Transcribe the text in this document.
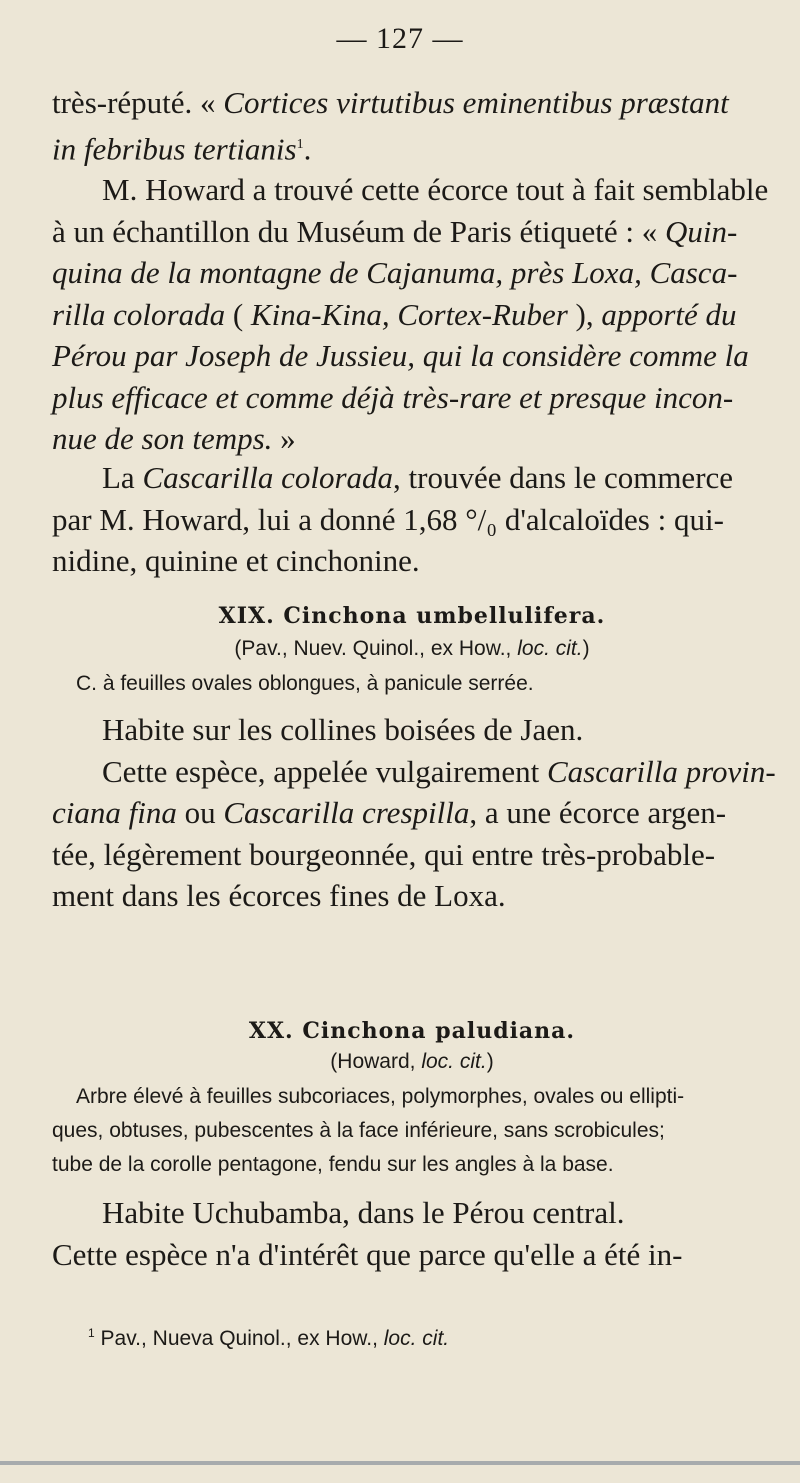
— 127 —
très-réputé. « Cortices virtutibus eminentibus præstant
in febribus tertianis$^1$.
M. Howard a trouvé cette écorce tout à fait semblable
à un échantillon du Muséum de Paris étiqueté : « Quin-
quina de la montagne de Cajanuma, près Loxa, Casca-
rilla colorada ( Kina-Kina, Cortex-Ruber ), apporté du
Pérou par Joseph de Jussieu, qui la considère comme la
plus efficace et comme déjà très-rare et presque incon-
nue de son temps. »
La Cascarilla colorada, trouvée dans le commerce
par M. Howard, lui a donné 1,68 °/₀ d'alcaloïdes : qui-
nidine, quinine et cinchonine.
XIX. Cinchona umbellulifera.
(Pav., Nuev. Quinol., ex How., loc. cit.)
C. à feuilles ovales oblongues, à panicule serrée.
Habite sur les collines boisées de Jaen.
Cette espèce, appelée vulgairement Cascarilla provin-
ciana fina ou Cascarilla crespilla, a une écorce argen-
tée, légèrement bourgeonnée, qui entre très-probable-
ment dans les écorces fines de Loxa.
XX. Cinchona paludiana.
(Howard, loc. cit.)
Arbre élevé à feuilles subcoriaces, polymorphes, ovales ou ellipti-
ques, obtuses, pubescentes à la face inférieure, sans scrobicules;
tube de la corolle pentagone, fendu sur les angles à la base.
Habite Uchubamba, dans le Pérou central.
Cette espèce n'a d'intérêt que parce qu'elle a été in-
$^1$ Pav., Nueva Quinol., ex How., loc. cit.
